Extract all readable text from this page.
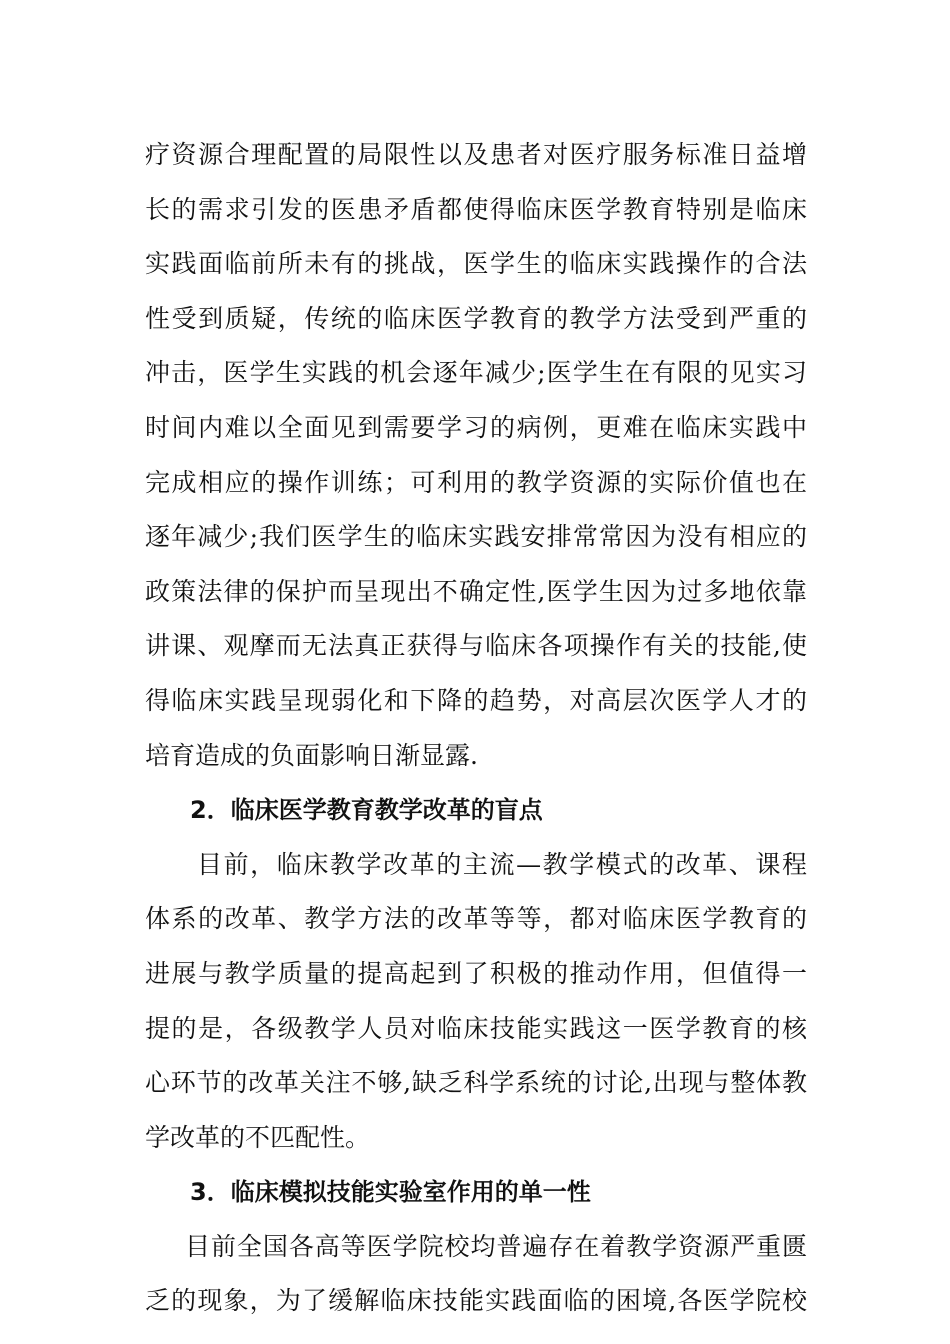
疗资源合理配置的局限性以及患者对医疗服务标准日益增
长的需求引发的医患矛盾都使得临床医学教育特别是临床
实践面临前所未有的挑战，医学生的临床实践操作的合法
性受到质疑，传统的临床医学教育的教学方法受到严重的
冲击，医学生实践的机会逐年减少;医学生在有限的见实习
时间内难以全面见到需要学习的病例，更难在临床实践中
完成相应的操作训练；可利用的教学资源的实际价值也在
逐年减少;我们医学生的临床实践安排常常因为没有相应的
政策法律的保护而呈现出不确定性,医学生因为过多地依靠
讲课、观摩而无法真正获得与临床各项操作有关的技能,使
得临床实践呈现弱化和下降的趋势，对高层次医学人才的
培育造成的负面影响日渐显露.
2．临床医学教育教学改革的盲点
目前，临床教学改革的主流—教学模式的改革、课程
体系的改革、教学方法的改革等等，都对临床医学教育的
进展与教学质量的提高起到了积极的推动作用，但值得一
提的是，各级教学人员对临床技能实践这一医学教育的核
心环节的改革关注不够,缺乏科学系统的讨论,出现与整体教
学改革的不匹配性。
3．临床模拟技能实验室作用的单一性
目前全国各高等医学院校均普遍存在着教学资源严重匮
乏的现象，为了缓解临床技能实践面临的困境,各医学院校
